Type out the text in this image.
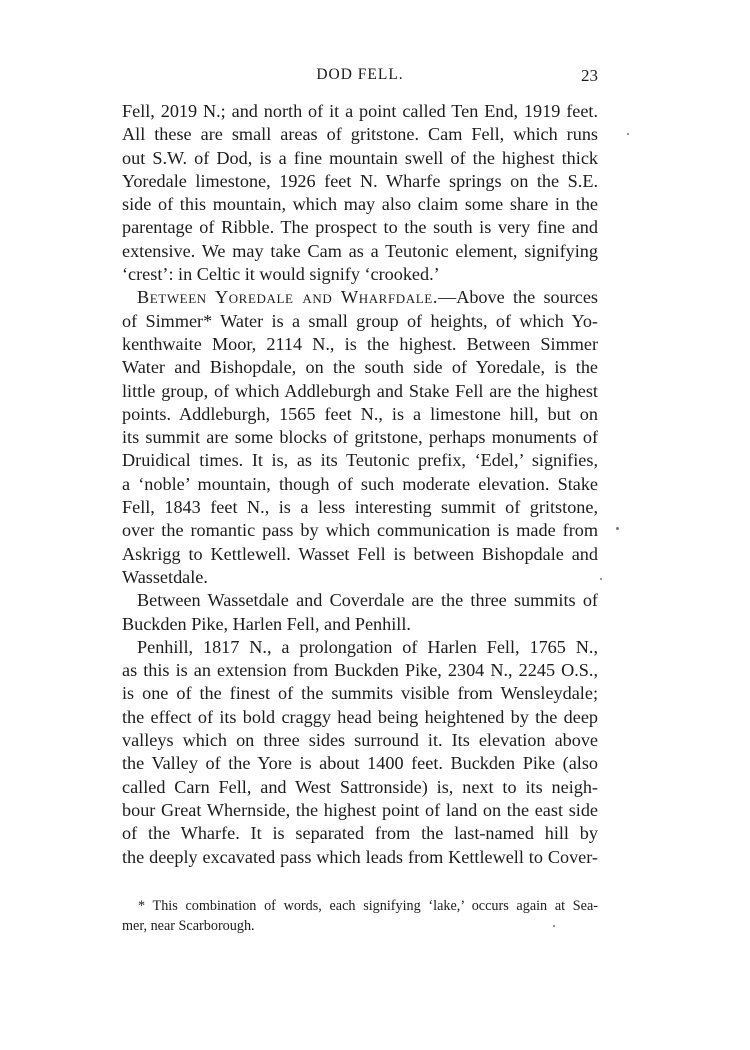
DOD FELL.	23
Fell, 2019 N.; and north of it a point called Ten End, 1919 feet.
All these are small areas of gritstone. Cam Fell, which runs
out S.W. of Dod, is a fine mountain swell of the highest thick
Yoredale limestone, 1926 feet N. Wharfe springs on the S.E.
side of this mountain, which may also claim some share in the
parentage of Ribble. The prospect to the south is very fine and
extensive. We may take Cam as a Teutonic element, signifying
‘crest’: in Celtic it would signify ‘crooked.’
Between Yoredale and Wharfdale.—Above the sources
of Simmer* Water is a small group of heights, of which Yo-
kenthwaite Moor, 2114 N., is the highest. Between Simmer
Water and Bishopdale, on the south side of Yoredale, is the
little group, of which Addleburgh and Stake Fell are the highest
points. Addleburgh, 1565 feet N., is a limestone hill, but on
its summit are some blocks of gritstone, perhaps monuments of
Druidical times. It is, as its Teutonic prefix, ‘Edel,’ signifies,
a ‘noble’ mountain, though of such moderate elevation. Stake
Fell, 1843 feet N., is a less interesting summit of gritstone,
over the romantic pass by which communication is made from
Askrigg to Kettlewell. Wasset Fell is between Bishopdale and
Wassetdale.
Between Wassetdale and Coverdale are the three summits of
Buckden Pike, Harlen Fell, and Penhill.
Penhill, 1817 N., a prolongation of Harlen Fell, 1765 N.,
as this is an extension from Buckden Pike, 2304 N., 2245 O.S.,
is one of the finest of the summits visible from Wensleydale;
the effect of its bold craggy head being heightened by the deep
valleys which on three sides surround it. Its elevation above
the Valley of the Yore is about 1400 feet. Buckden Pike (also
called Carn Fell, and West Sattronside) is, next to its neigh-
bour Great Whernside, the highest point of land on the east side
of the Wharfe. It is separated from the last-named hill by
the deeply excavated pass which leads from Kettlewell to Cover-
* This combination of words, each signifying ‘lake,’ occurs again at Sea-
mer, near Scarborough.
